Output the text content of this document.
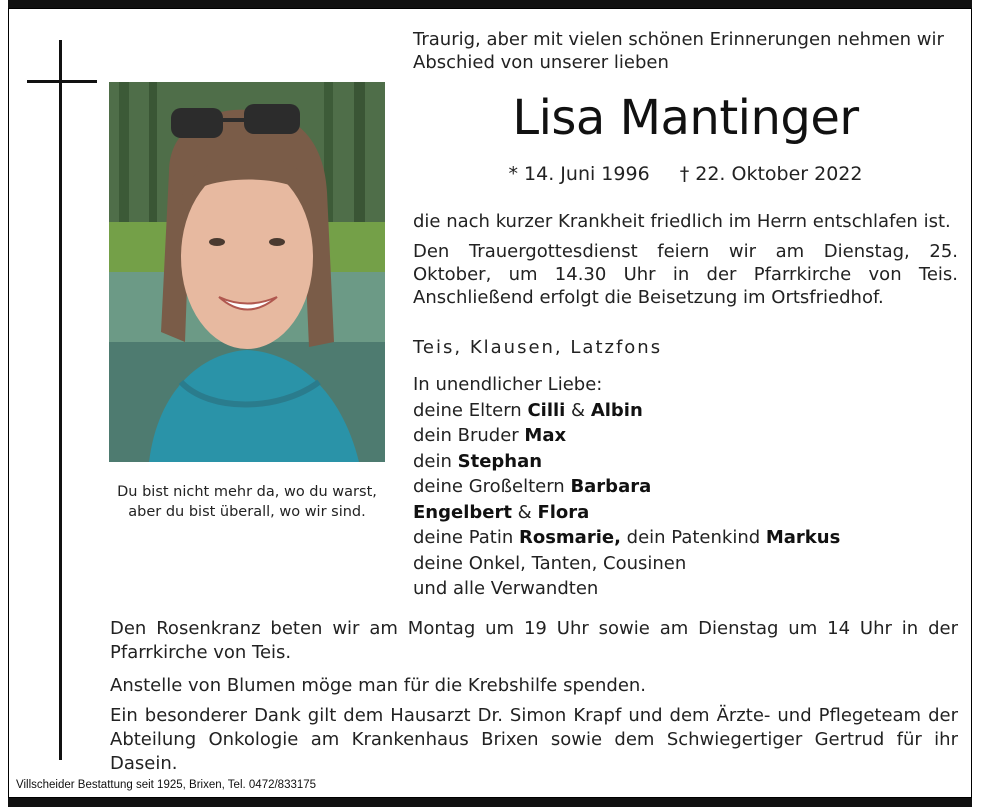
Du bist nicht mehr da, wo du warst,
aber du bist überall, wo wir sind.
Traurig, aber mit vielen schönen Erinnerungen nehmen wir Abschied von unserer lieben
Lisa Mantinger
* 14. Juni 1996 † 22. Oktober 2022
die nach kurzer Krankheit friedlich im Herrn entschlafen ist.
Den Trauergottesdienst feiern wir am Dienstag, 25. Oktober, um 14.30 Uhr in der Pfarrkirche von Teis. Anschließend erfolgt die Beisetzung im Ortsfriedhof.
Teis, Klausen, Latzfons
In unendlicher Liebe:
deine Eltern Cilli & Albin
dein Bruder Max
dein Stephan
deine Großeltern Barbara
Engelbert & Flora
deine Patin Rosmarie, dein Patenkind Markus
deine Onkel, Tanten, Cousinen
und alle Verwandten
Den Rosenkranz beten wir am Montag um 19 Uhr sowie am Dienstag um 14 Uhr in der Pfarrkirche von Teis.
Anstelle von Blumen möge man für die Krebshilfe spenden.
Ein besonderer Dank gilt dem Hausarzt Dr. Simon Krapf und dem Ärzte- und Pflegeteam der Abteilung Onkologie am Krankenhaus Brixen sowie dem Schwiegertiger Gertrud für ihr Dasein.
Villscheider Bestattung seit 1925, Brixen, Tel. 0472/833175
